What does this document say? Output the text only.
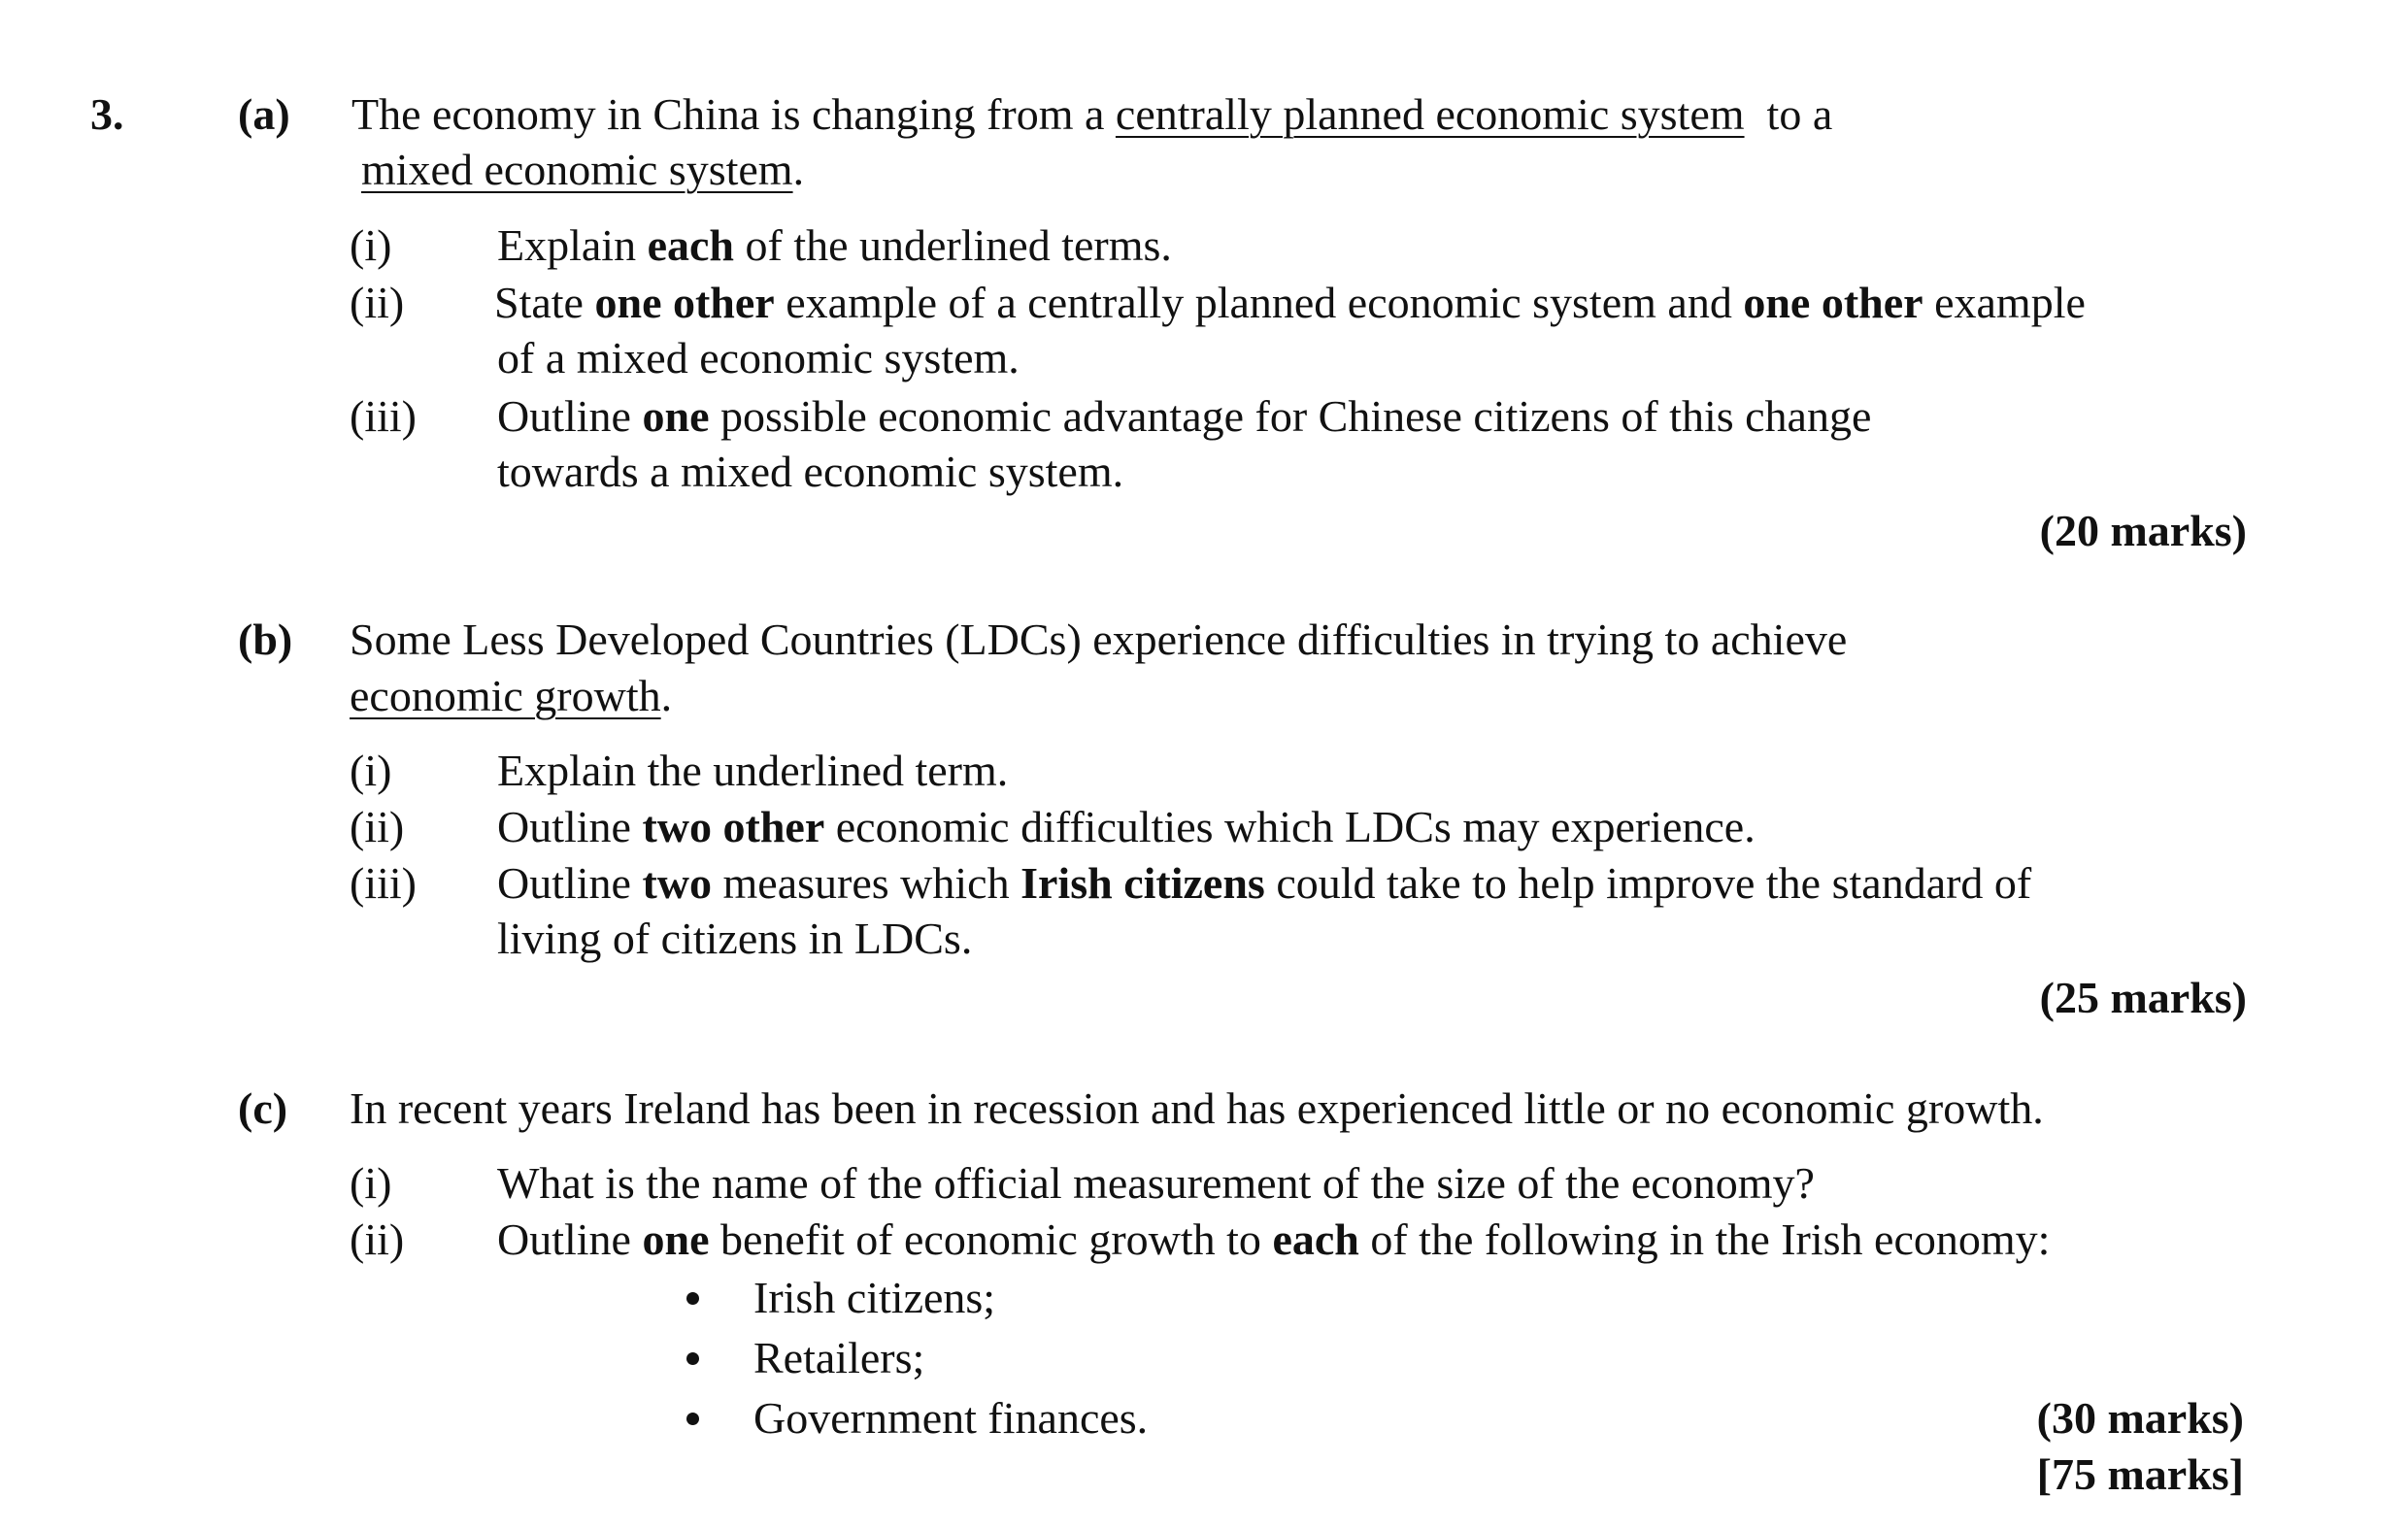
3.	(a) The economy in China is changing from a centrally planned economic system  to a
mixed economic system.
(i) Explain each of the underlined terms.
(ii) State one other example of a centrally planned economic system and one other example
of a mixed economic system.
(iii) Outline one possible economic advantage for Chinese citizens of this change
towards a mixed economic system.
(20 marks)
(b) Some Less Developed Countries (LDCs) experience difficulties in trying to achieve
economic growth.
(i) Explain the underlined term.
(ii) Outline two other economic difficulties which LDCs may experience.
(iii) Outline two measures which Irish citizens could take to help improve the standard of
living of citizens in LDCs.
(25 marks)
(c) In recent years Ireland has been in recession and has experienced little or no economic growth.
(i) What is the name of the official measurement of the size of the economy?
(ii) Outline one benefit of economic growth to each of the following in the Irish economy:
Irish citizens;
Retailers;
Government finances.	(30 marks)
[75 marks]
